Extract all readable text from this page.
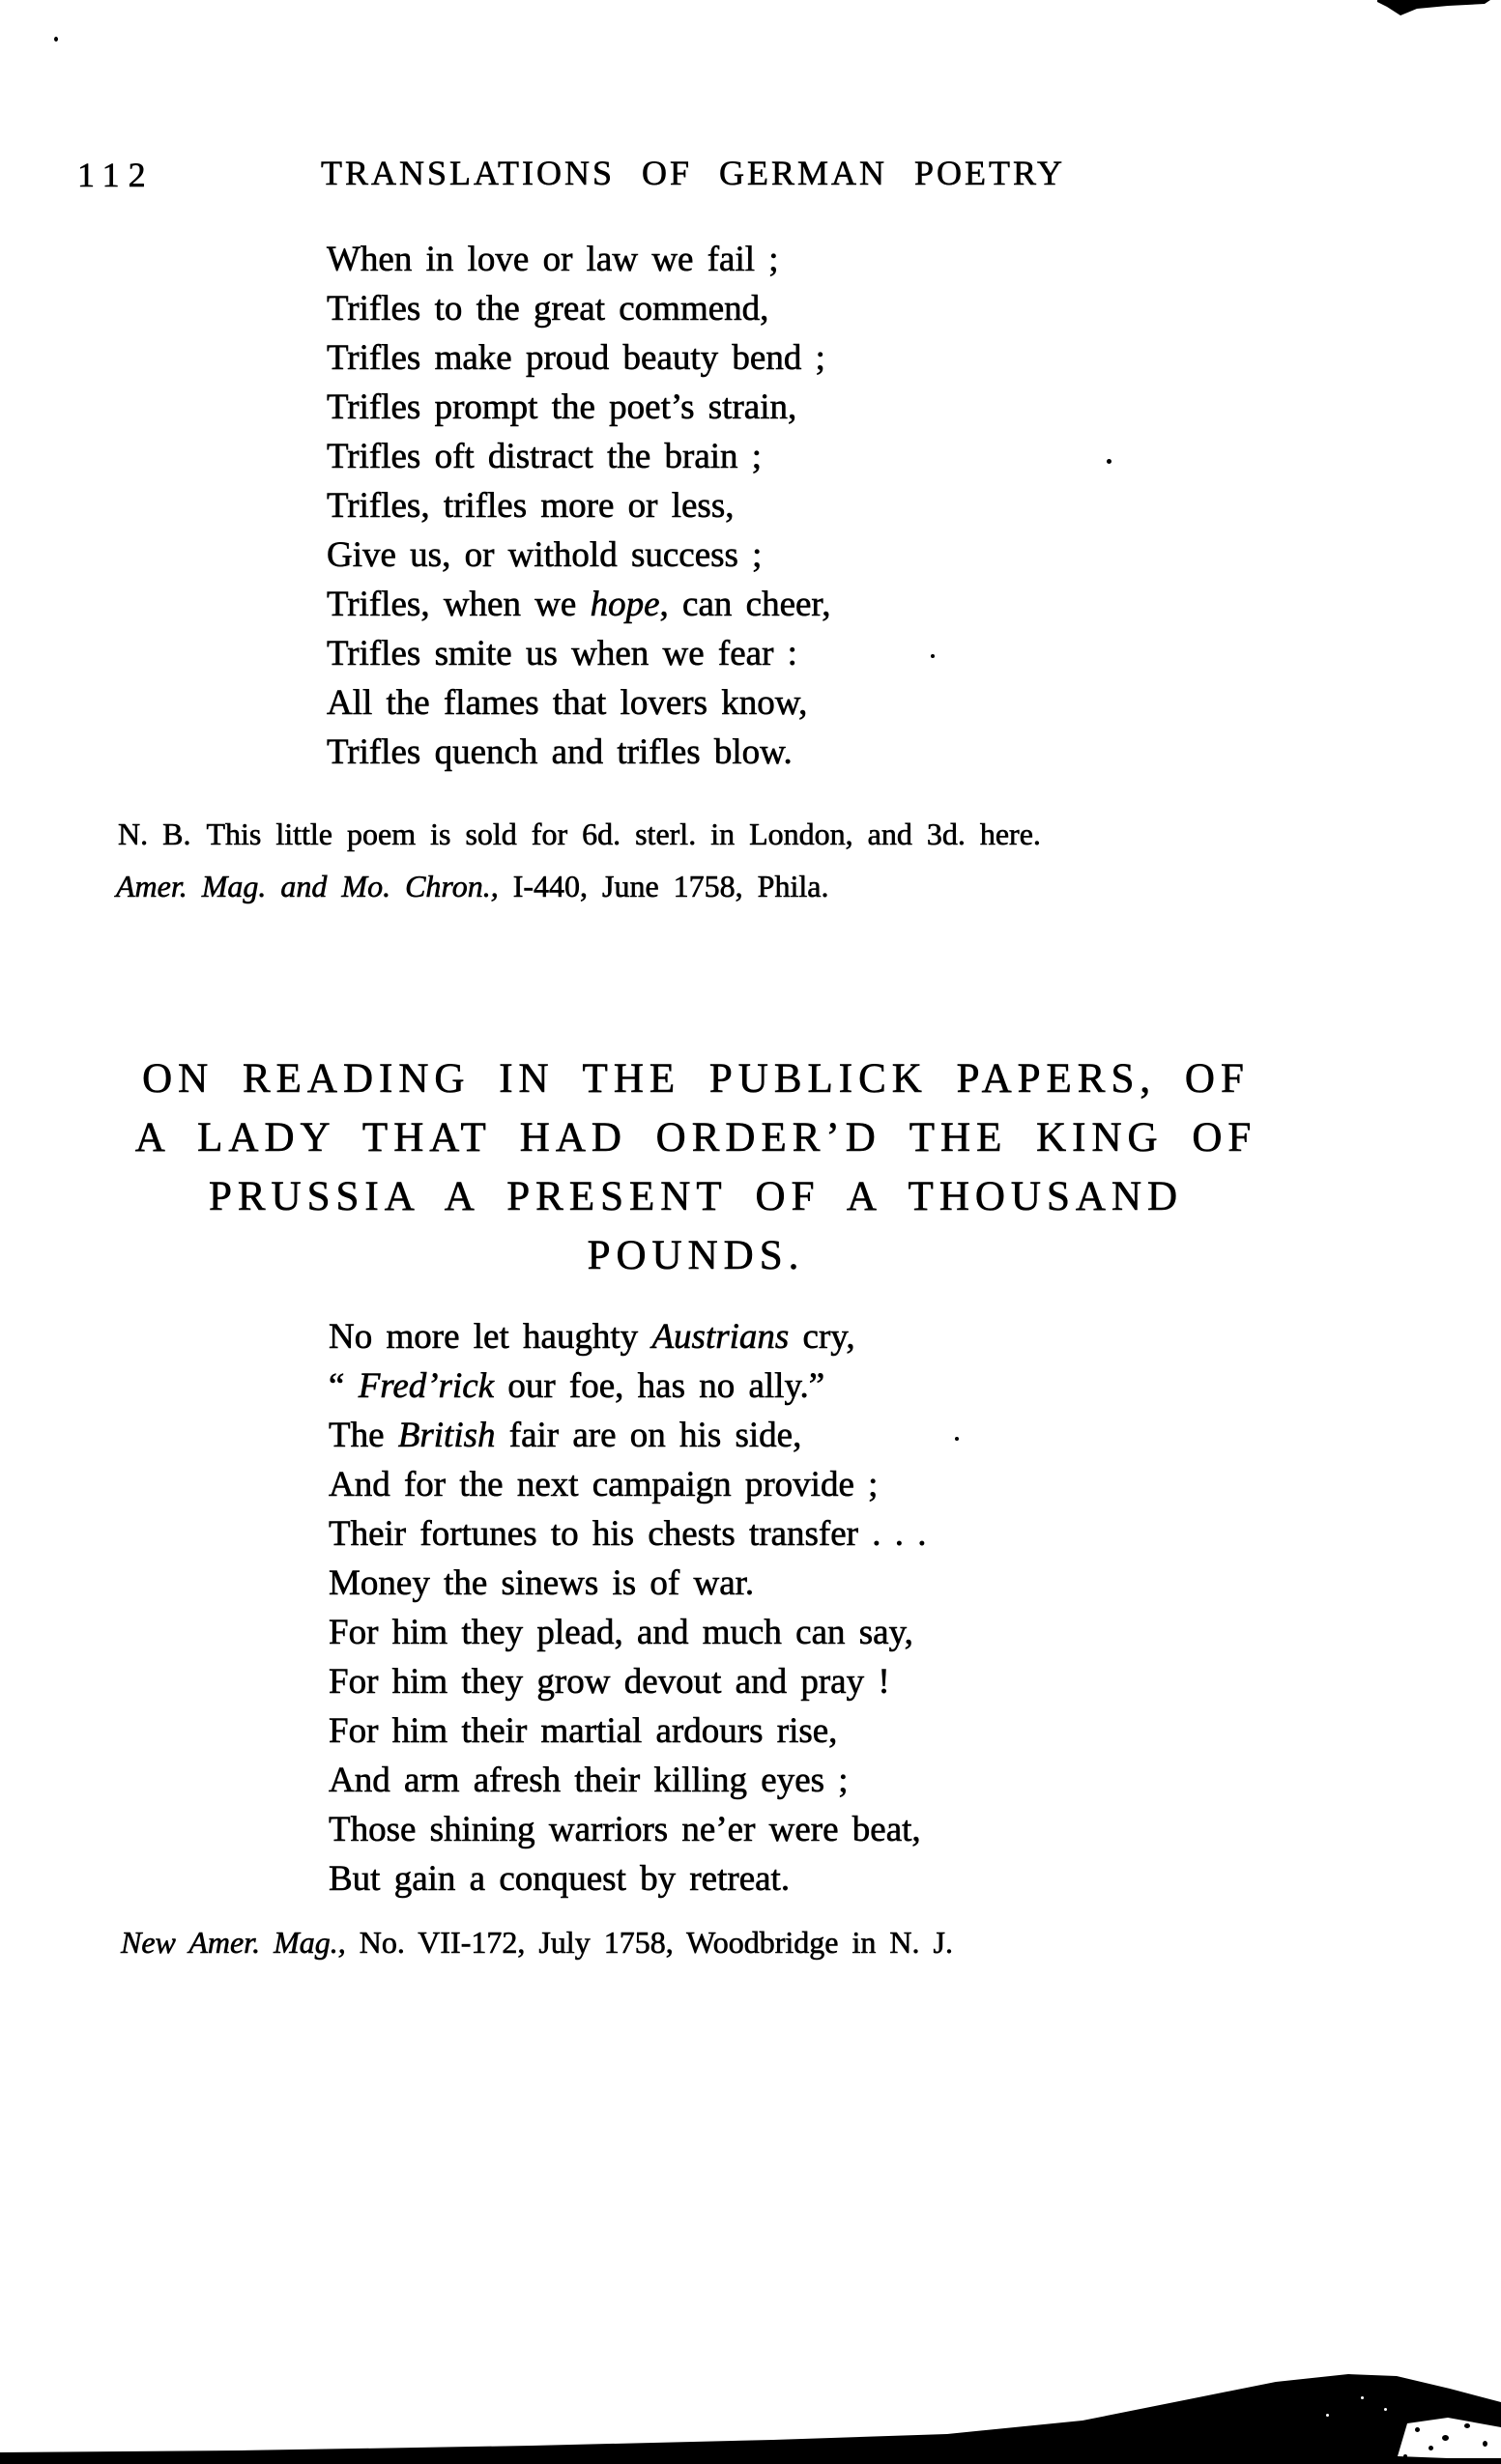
112	TRANSLATIONS OF GERMAN POETRY
When in love or law we fail ;
Trifles to the great commend,
Trifles make proud beauty bend ;
Trifles prompt the poet’s strain,
Trifles oft distract the brain ;
Trifles, trifles more or less,
Give us, or withold success ;
Trifles, when we hope, can cheer,
Trifles smite us when we fear :
All the flames that lovers know,
Trifles quench and trifles blow.
N. B. This little poem is sold for 6d. sterl. in London, and 3d. here.
Amer. Mag. and Mo. Chron., I-440, June 1758, Phila.
ON READING IN THE PUBLICK PAPERS, OF
A LADY THAT HAD ORDER’D THE KING OF
PRUSSIA A PRESENT OF A THOUSAND
POUNDS.
No more let haughty Austrians cry,
“ Fred’rick our foe, has no ally.”
The British fair are on his side,
And for the next campaign provide ;
Their fortunes to his chests transfer . . .
Money the sinews is of war.
For him they plead, and much can say,
For him they grow devout and pray !
For him their martial ardours rise,
And arm afresh their killing eyes ;
Those shining warriors ne’er were beat,
But gain a conquest by retreat.
New Amer. Mag., No. VII-172, July 1758, Woodbridge in N. J.
